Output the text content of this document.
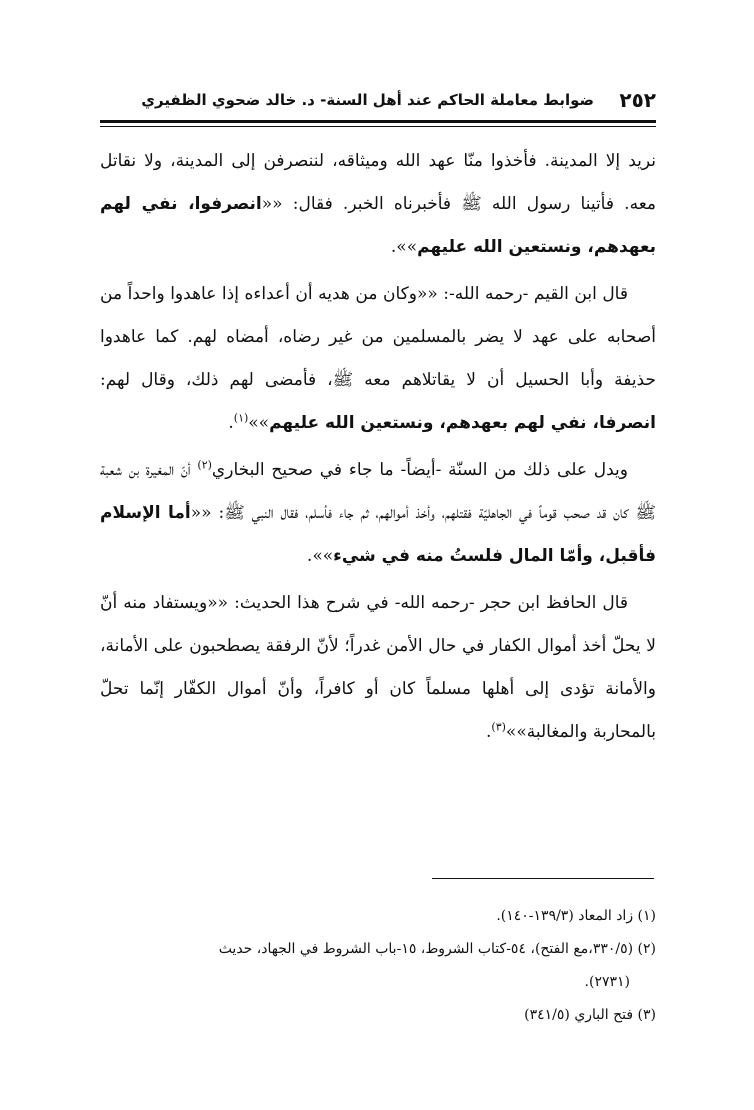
٢٥٢
ضوابط معاملة الحاكم عند أهل السنة- د. خالد ضحوي الظفيري

نريد إلا المدينة. فأخذوا منّا عهد الله وميثاقه، لننصرفن إلى المدينة، ولا نقاتل معه. فأتينا رسول الله ﷺ فأخبرناه الخبر. فقال: ««انصرفوا، نفي لهم بعهدهم، ونستعين الله عليهم»».

قال ابن القيم -رحمه الله-: ««وكان من هديه أن أعداءه إذا عاهدوا واحداً من أصحابه على عهد لا يضر بالمسلمين من غير رضاه، أمضاه لهم. كما عاهدوا حذيفة وأبا الحسيل أن لا يقاتلاهم معه ﷺ، فأمضى لهم ذلك، وقال لهم: انصرفا، نفي لهم بعهدهم، ونستعين الله عليهم»»$^{(١)}$.

ويدل على ذلك من السنّة -أيضاً- ما جاء في صحيح البخاري$^{(٢)}$ أنّ المغيرة بن شعبة ﷺ كان قد صحب قوماً في الجاهليّة فقتلهم، وأخذ أموالهم، ثم جاء فأسلم، فقال النبي ﷺ: ««أما الإسلام فأقبل، وأمّا المال فلستُ منه في شيء»».

قال الحافظ ابن حجر -رحمه الله- في شرح هذا الحديث: ««ويستفاد منه أنّ لا يحلّ أخذ أموال الكفار في حال الأمن غدراً؛ لأنّ الرفقة يصطحبون على الأمانة، والأمانة تؤدى إلى أهلها مسلماً كان أو كافراً، وأنّ أموال الكفّار إنّما تحلّ بالمحاربة والمغالبة»»$^{(٣)}$.

(١) زاد المعاد (١٣٩/٣-١٤٠).

(٢) (٣٣٠/٥،مع الفتح)، ٥٤-كتاب الشروط، ١٥-باب الشروط في الجهاد، حديث

(٢٧٣١).

(٣) فتح الباري (٣٤١/٥)
